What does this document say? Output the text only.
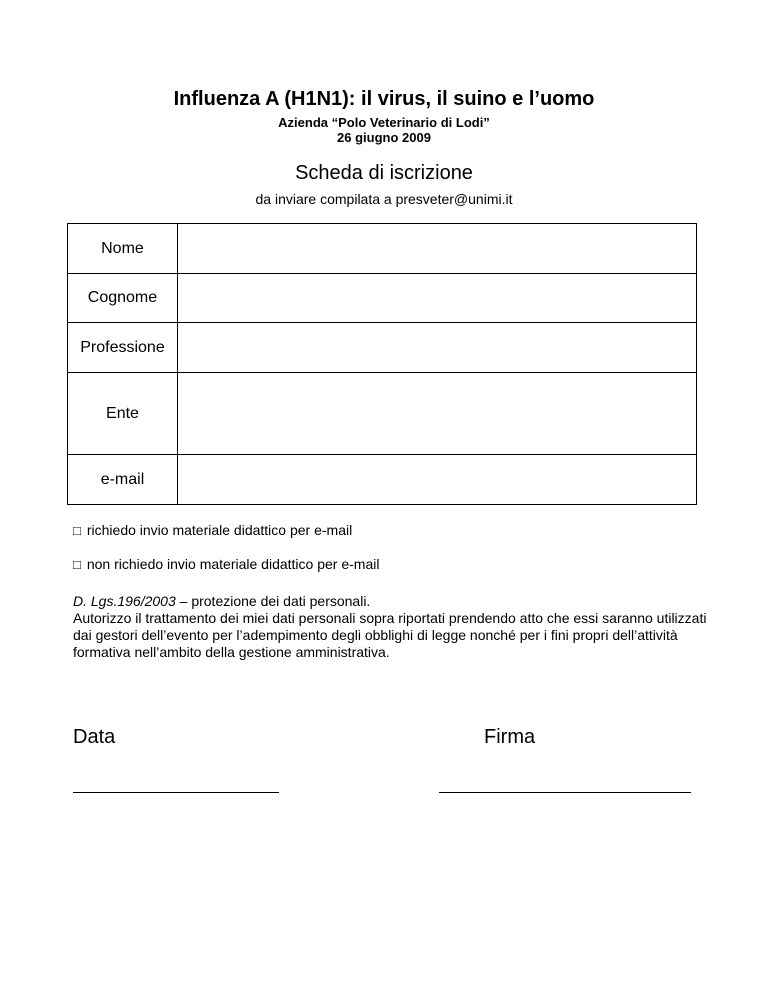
Influenza A (H1N1): il virus, il suino e l’uomo
Azienda “Polo Veterinario di Lodi”
26 giugno 2009
Scheda di iscrizione
da inviare compilata a presveter@unimi.it
Nome	
Cognome	
Professione	
Ente	
e-mail	
□ richiedo invio materiale didattico per e-mail
□ non richiedo invio materiale didattico per e-mail
D. Lgs.196/2003 – protezione dei dati personali.
Autorizzo il trattamento dei miei dati personali sopra riportati prendendo atto che essi saranno utilizzati dai gestori dell’evento per l’adempimento degli obblighi di legge nonché per i fini propri dell’attività formativa nell’ambito della gestione amministrativa.
Data	Firma
